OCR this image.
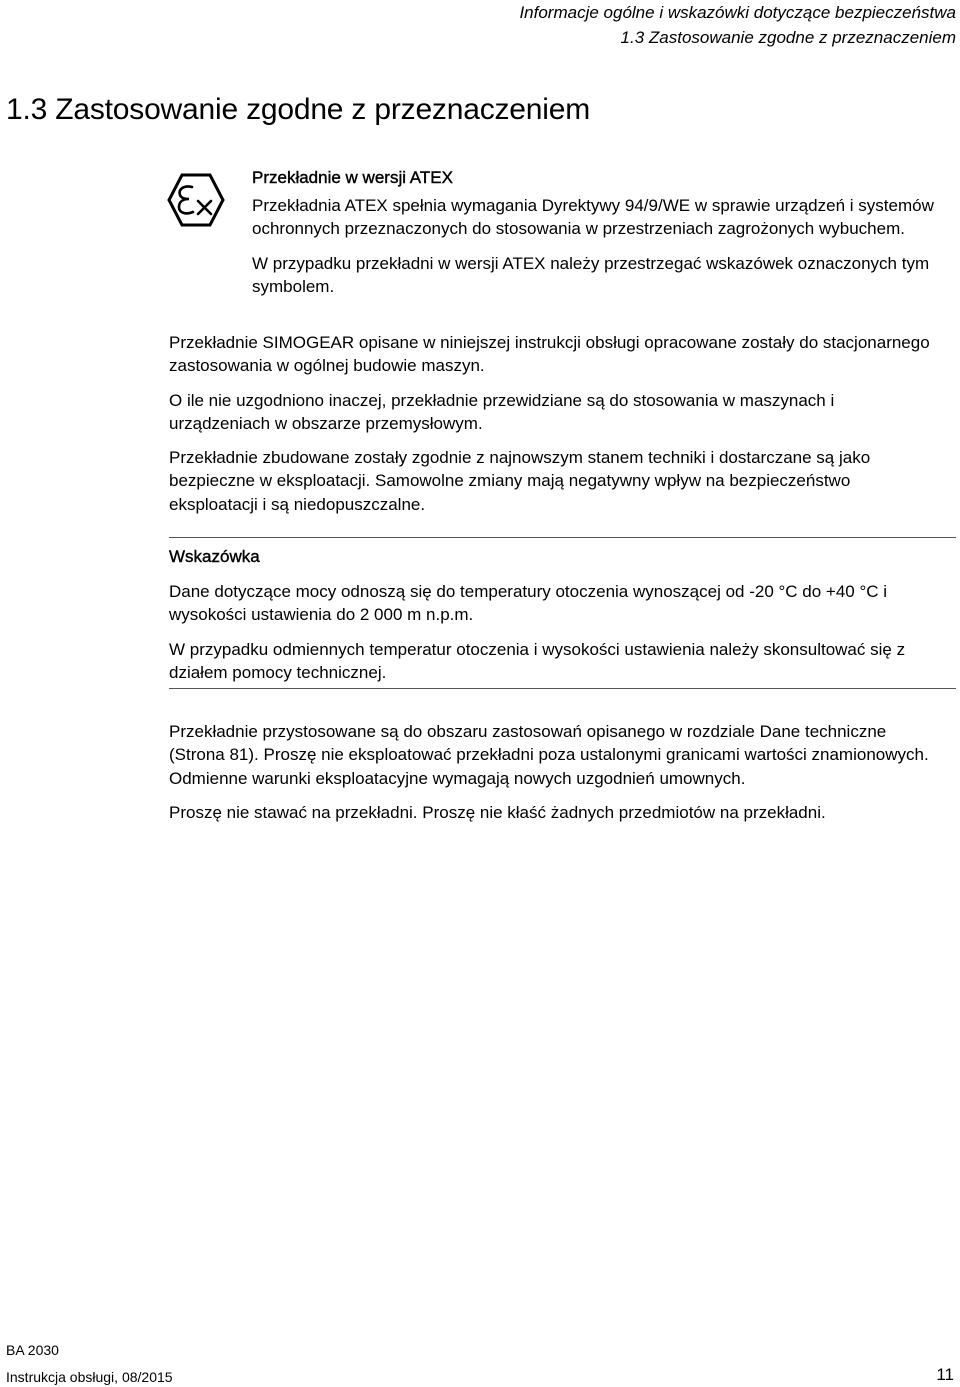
Informacje ogólne i wskazówki dotyczące bezpieczeństwa
1.3 Zastosowanie zgodne z przeznaczeniem
1.3 Zastosowanie zgodne z przeznaczeniem

Przekładnie w wersji ATEX

Przekładnia ATEX spełnia wymagania Dyrektywy 94/9/WE w sprawie urządzeń i systemów ochronnych przeznaczonych do stosowania w przestrzeniach zagrożonych wybuchem.

W przypadku przekładni w wersji ATEX należy przestrzegać wskazówek oznaczonych tym symbolem.

Przekładnie SIMOGEAR opisane w niniejszej instrukcji obsługi opracowane zostały do stacjonarnego zastosowania w ogólnej budowie maszyn.

O ile nie uzgodniono inaczej, przekładnie przewidziane są do stosowania w maszynach i urządzeniach w obszarze przemysłowym.

Przekładnie zbudowane zostały zgodnie z najnowszym stanem techniki i dostarczane są jako bezpieczne w eksploatacji. Samowolne zmiany mają negatywny wpływ na bezpieczeństwo eksploatacji i są niedopuszczalne.

Wskazówka

Dane dotyczące mocy odnoszą się do temperatury otoczenia wynoszącej od -20 °C do +40 °C i wysokości ustawienia do 2 000 m n.p.m.

W przypadku odmiennych temperatur otoczenia i wysokości ustawienia należy skonsultować się z działem pomocy technicznej.

Przekładnie przystosowane są do obszaru zastosowań opisanego w rozdziale Dane techniczne (Strona 81). Proszę nie eksploatować przekładni poza ustalonymi granicami wartości znamionowych. Odmienne warunki eksploatacyjne wymagają nowych uzgodnień umownych.

Proszę nie stawać na przekładni. Proszę nie kłaść żadnych przedmiotów na przekładni.

BA 2030
Instrukcja obsługi, 08/2015	11
